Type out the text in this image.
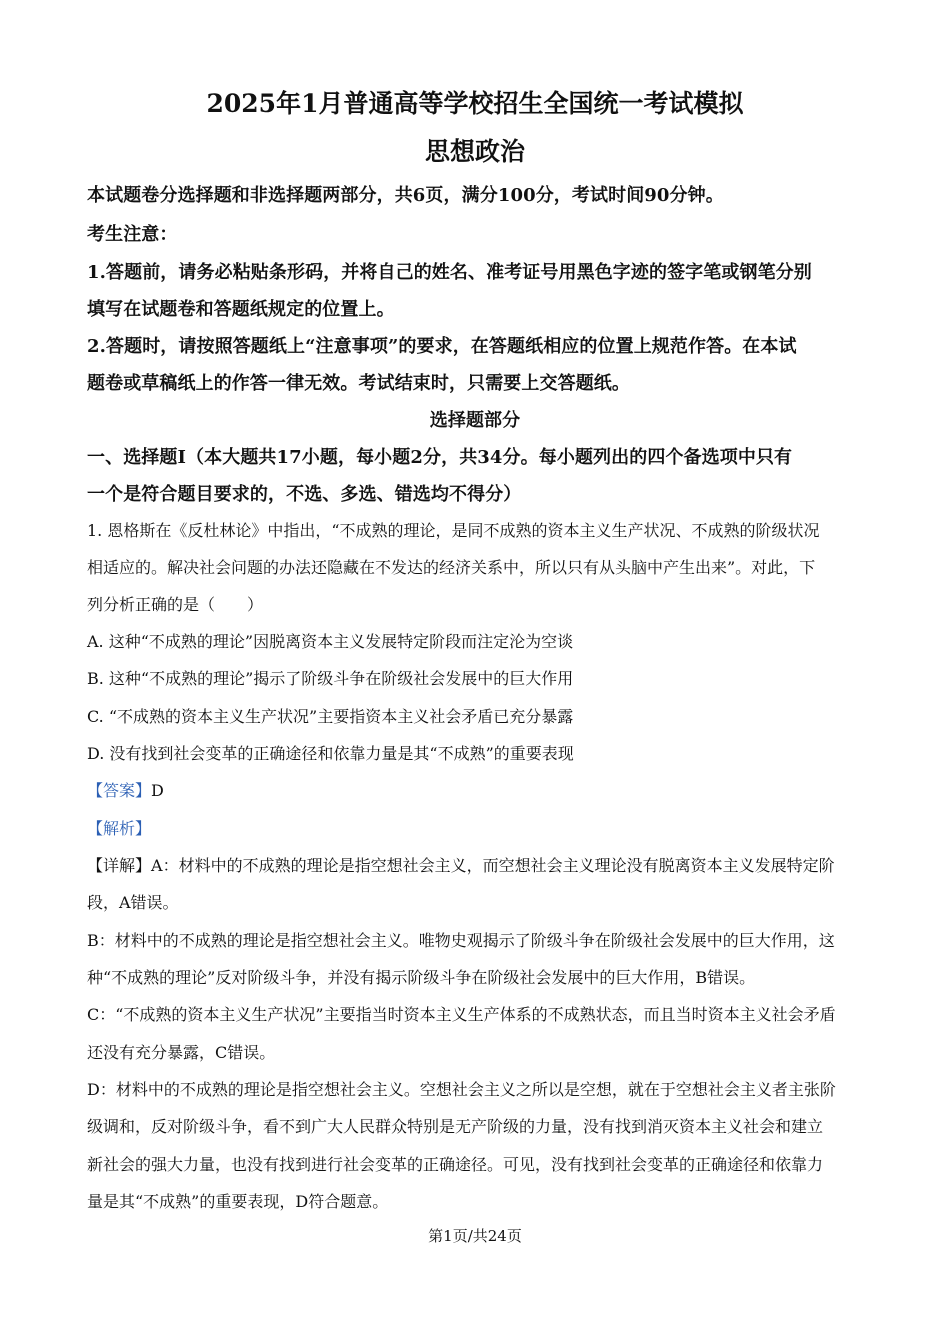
2025年1月普通高等学校招生全国统一考试模拟
思想政治
本试题卷分选择题和非选择题两部分，共6页，满分100分，考试时间90分钟。
考生注意：
1.答题前，请务必粘贴条形码，并将自己的姓名、准考证号用黑色字迹的签字笔或钢笔分别
填写在试题卷和答题纸规定的位置上。
2.答题时，请按照答题纸上“注意事项”的要求，在答题纸相应的位置上规范作答。在本试
题卷或草稿纸上的作答一律无效。考试结束时，只需要上交答题纸。
选择题部分
一、选择题Ⅰ（本大题共17小题，每小题2分，共34分。每小题列出的四个备选项中只有
一个是符合题目要求的，不选、多选、错选均不得分）
1. 恩格斯在《反杜林论》中指出，“不成熟的理论，是同不成熟的资本主义生产状况、不成熟的阶级状况
相适应的。解决社会问题的办法还隐藏在不发达的经济关系中，所以只有从头脑中产生出来”。对此，下
列分析正确的是（　　）
A. 这种“不成熟的理论”因脱离资本主义发展特定阶段而注定沦为空谈
B. 这种“不成熟的理论”揭示了阶级斗争在阶级社会发展中的巨大作用
C. “不成熟的资本主义生产状况”主要指资本主义社会矛盾已充分暴露
D. 没有找到社会变革的正确途径和依靠力量是其“不成熟”的重要表现
【答案】D
【解析】
【详解】A：材料中的不成熟的理论是指空想社会主义，而空想社会主义理论没有脱离资本主义发展特定阶
段，A错误。
B：材料中的不成熟的理论是指空想社会主义。唯物史观揭示了阶级斗争在阶级社会发展中的巨大作用，这
种“不成熟的理论”反对阶级斗争，并没有揭示阶级斗争在阶级社会发展中的巨大作用，B错误。
C：“不成熟的资本主义生产状况”主要指当时资本主义生产体系的不成熟状态，而且当时资本主义社会矛盾
还没有充分暴露，C错误。
D：材料中的不成熟的理论是指空想社会主义。空想社会主义之所以是空想，就在于空想社会主义者主张阶
级调和，反对阶级斗争，看不到广大人民群众特别是无产阶级的力量，没有找到消灭资本主义社会和建立
新社会的强大力量，也没有找到进行社会变革的正确途径。可见，没有找到社会变革的正确途径和依靠力
量是其“不成熟”的重要表现，D符合题意。
第1页/共24页
